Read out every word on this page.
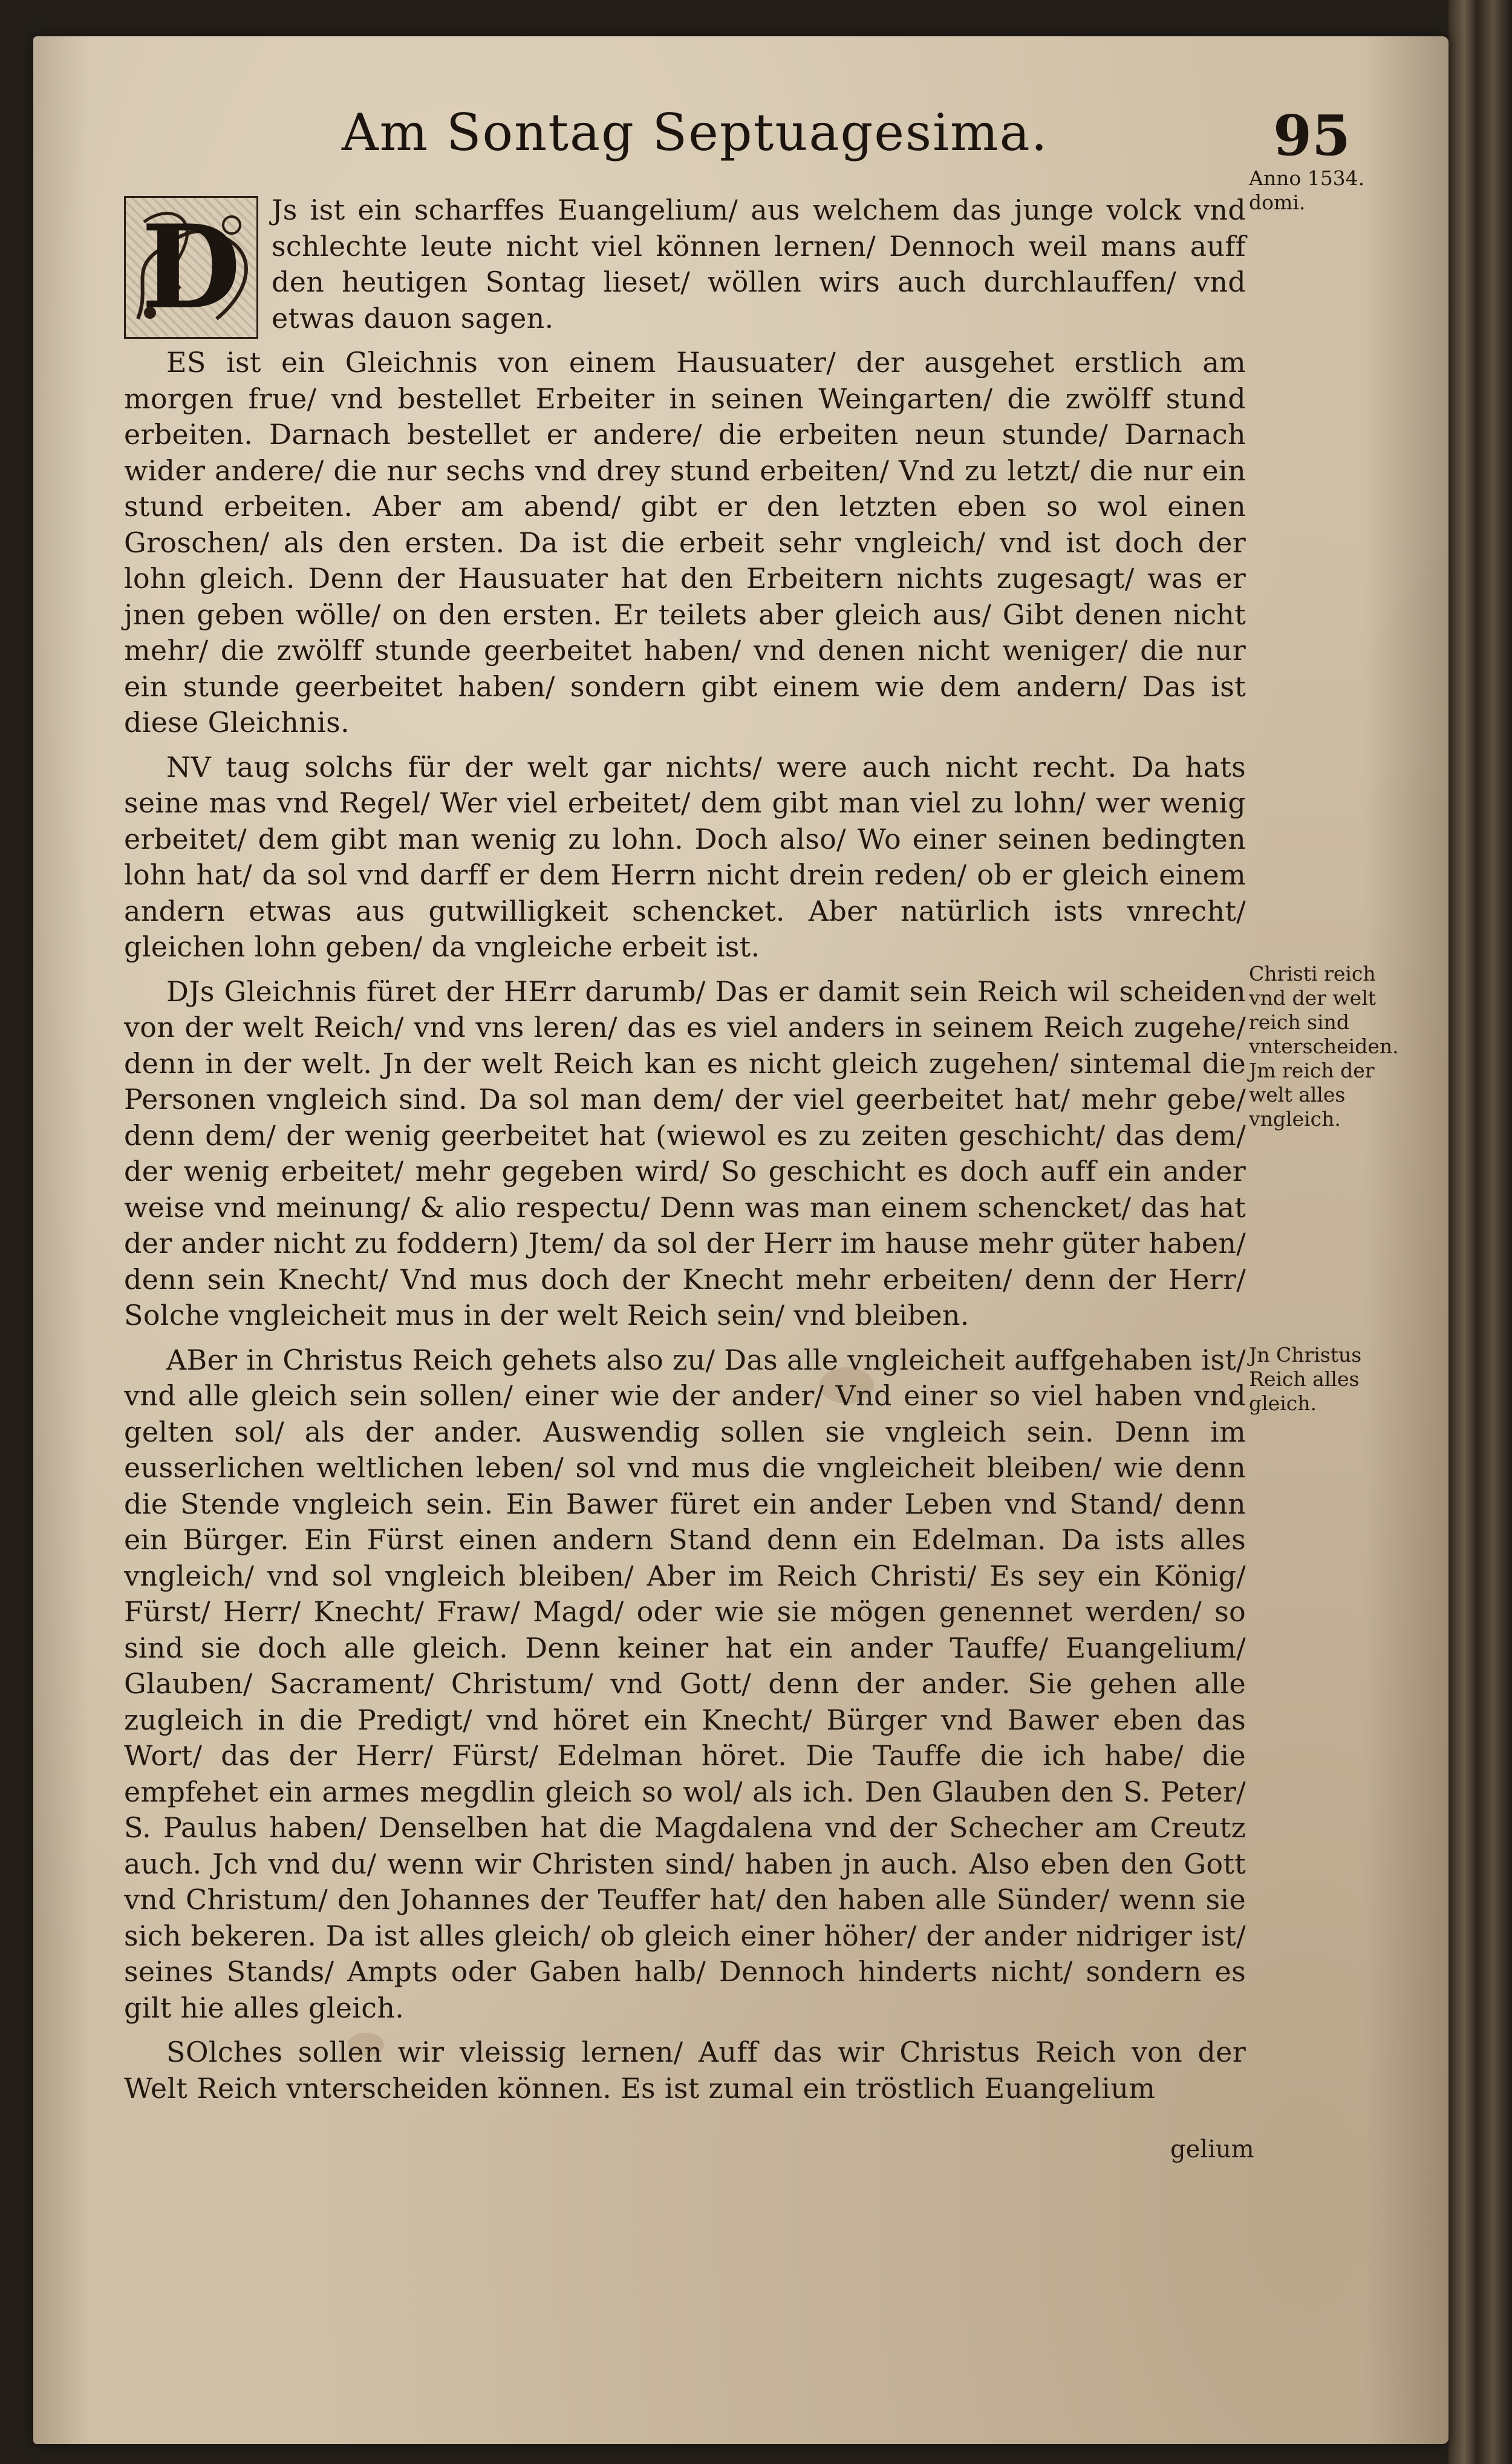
Am Sontag Septuagesima.	95

D	Js ist ein scharffes Euangelium/ aus welchem das junge volck vnd schlechte leute nicht viel können lernen/ Dennoch weil mans auff den heutigen Sontag lieset/ wöllen wirs auch durchlauffen/ vnd etwas dauon sagen.

ES ist ein Gleichnis von einem Hausuater/ der ausgehet erstlich am morgen frue/ vnd bestellet Erbeiter in seinen Weingarten/ die zwölff stund erbeiten. Darnach bestellet er andere/ die erbeiten neun stunde/ Darnach wider andere/ die nur sechs vnd drey stund erbeiten/ Vnd zu letzt/ die nur ein stund erbeiten. Aber am abend/ gibt er den letzten eben so wol einen Groschen/ als den ersten. Da ist die erbeit sehr vngleich/ vnd ist doch der lohn gleich. Denn der Hausuater hat den Erbeitern nichts zugesagt/ was er jnen geben wölle/ on den ersten. Er teilets aber gleich aus/ Gibt denen nicht mehr/ die zwölff stunde geerbeitet haben/ vnd denen nicht weniger/ die nur ein stunde geerbeitet haben/ sondern gibt einem wie dem andern/ Das ist diese Gleichnis.

NV taug solchs für der welt gar nichts/ were auch nicht recht. Da hats seine mas vnd Regel/ Wer viel erbeitet/ dem gibt man viel zu lohn/ wer wenig erbeitet/ dem gibt man wenig zu lohn. Doch also/ Wo einer seinen bedingten lohn hat/ da sol vnd darff er dem Herrn nicht drein reden/ ob er gleich einem andern etwas aus gutwilligkeit schencket. Aber natürlich ists vnrecht/ gleichen lohn geben/ da vngleiche erbeit ist.

DJs Gleichnis füret der HErr darumb/ Das er damit sein Reich wil scheiden von der welt Reich/ vnd vns leren/ das es viel anders in seinem Reich zugehe/ denn in der welt. Jn der welt Reich kan es nicht gleich zugehen/ sintemal die Personen vngleich sind. Da sol man dem/ der viel geerbeitet hat/ mehr gebe/ denn dem/ der wenig geerbeitet hat (wiewol es zu zeiten geschicht/ das dem/ der wenig erbeitet/ mehr gegeben wird/ So geschicht es doch auff ein ander weise vnd meinung/ & alio respectu/ Denn was man einem schencket/ das hat der ander nicht zu foddern) Jtem/ da sol der Herr im hause mehr güter haben/ denn sein Knecht/ Vnd mus doch der Knecht mehr erbeiten/ denn der Herr/ Solche vngleicheit mus in der welt Reich sein/ vnd bleiben.

ABer in Christus Reich gehets also zu/ Das alle vngleicheit auffgehaben ist/ vnd alle gleich sein sollen/ einer wie der ander/ Vnd einer so viel haben vnd gelten sol/ als der ander. Auswendig sollen sie vngleich sein. Denn im eusserlichen weltlichen leben/ sol vnd mus die vngleicheit bleiben/ wie denn die Stende vngleich sein. Ein Bawer füret ein ander Leben vnd Stand/ denn ein Bürger. Ein Fürst einen andern Stand denn ein Edelman. Da ists alles vngleich/ vnd sol vngleich bleiben/ Aber im Reich Christi/ Es sey ein König/ Fürst/ Herr/ Knecht/ Fraw/ Magd/ oder wie sie mögen genennet werden/ so sind sie doch alle gleich. Denn keiner hat ein ander Tauffe/ Euangelium/ Glauben/ Sacrament/ Christum/ vnd Gott/ denn der ander. Sie gehen alle zugleich in die Predigt/ vnd höret ein Knecht/ Bürger vnd Bawer eben das Wort/ das der Herr/ Fürst/ Edelman höret. Die Tauffe die ich habe/ die empfehet ein armes megdlin gleich so wol/ als ich. Den Glauben den S. Peter/ S. Paulus haben/ Denselben hat die Magdalena vnd der Schecher am Creutz auch. Jch vnd du/ wenn wir Christen sind/ haben jn auch. Also eben den Gott vnd Christum/ den Johannes der Teuffer hat/ den haben alle Sünder/ wenn sie sich bekeren. Da ist alles gleich/ ob gleich einer höher/ der ander nidriger ist/ seines Stands/ Ampts oder Gaben halb/ Dennoch hinderts nicht/ sondern es gilt hie alles gleich.

SOlches sollen wir vleissig lernen/ Auff das wir Christus Reich von der Welt Reich vnterscheiden können. Es ist zumal ein tröstlich Euangelium

Anno 1534. domi.
Christi reich vnd der welt reich sind vnterscheiden. Jm reich der welt alles vngleich.
Jn Christus Reich alles gleich.
gelium
